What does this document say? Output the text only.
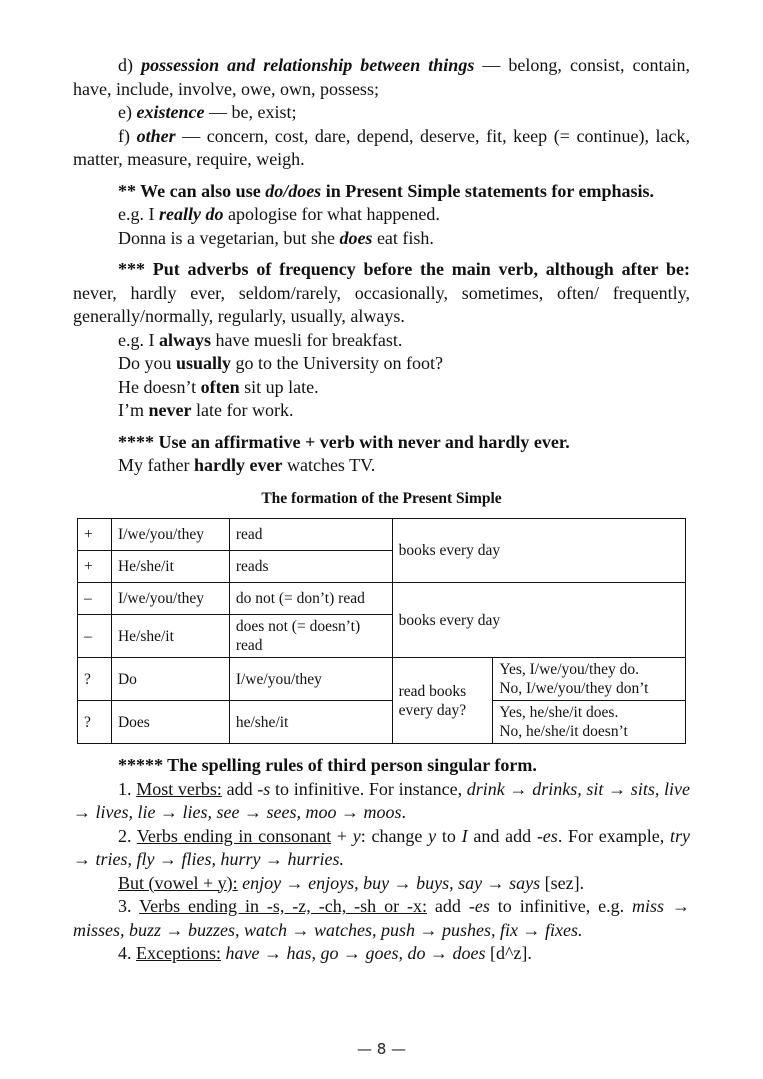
d) possession and relationship between things — belong, consist, contain, have, include, involve, owe, own, possess;

e) existence — be, exist;

f) other — concern, cost, dare, depend, deserve, fit, keep (= continue), lack, matter, measure, require, weigh.

** We can also use do/does in Present Simple statements for emphasis.

e.g. I really do apologise for what happened.

Donna is a vegetarian, but she does eat fish.

*** Put adverbs of frequency before the main verb, although after be: never, hardly ever, seldom/rarely, occasionally, sometimes, often/ frequently, generally/normally, regularly, usually, always.

e.g. I always have muesli for breakfast.

Do you usually go to the University on foot?

He doesn’t often sit up late.

I’m never late for work.

**** Use an affirmative + verb with never and hardly ever.

My father hardly ever watches TV.

The formation of the Present Simple
+	I/we/you/they	read	books every day	
+	He/she/it	reads		
–	I/we/you/they	do not (= don’t) read	books every day	
–	He/she/it	does not (= doesn’t) read		
?	Do	I/we/you/they	read books every day?	Yes, I/we/you/they do.
No, I/we/you/they don’t

?	Does	he/she/it		Yes, he/she/it does.
No, he/she/it doesn’t

***** The spelling rules of third person singular form.

1. Most verbs: add -s to infinitive. For instance, drink → drinks, sit → sits, live → lives, lie → lies, see → sees, moo → moos.

2. Verbs ending in consonant + y: change y to I and add -es. For example, try → tries, fly → flies, hurry → hurries.

But (vowel + y): enjoy → enjoys, buy → buys, say → says [sez].

3. Verbs ending in -s, -z, -ch, -sh or -x: add -es to infinitive, e.g. miss → misses, buzz → buzzes, watch → watches, push → pushes, fix → fixes.

4. Exceptions: have → has, go → goes, do → does [d^z].

— 8 —
